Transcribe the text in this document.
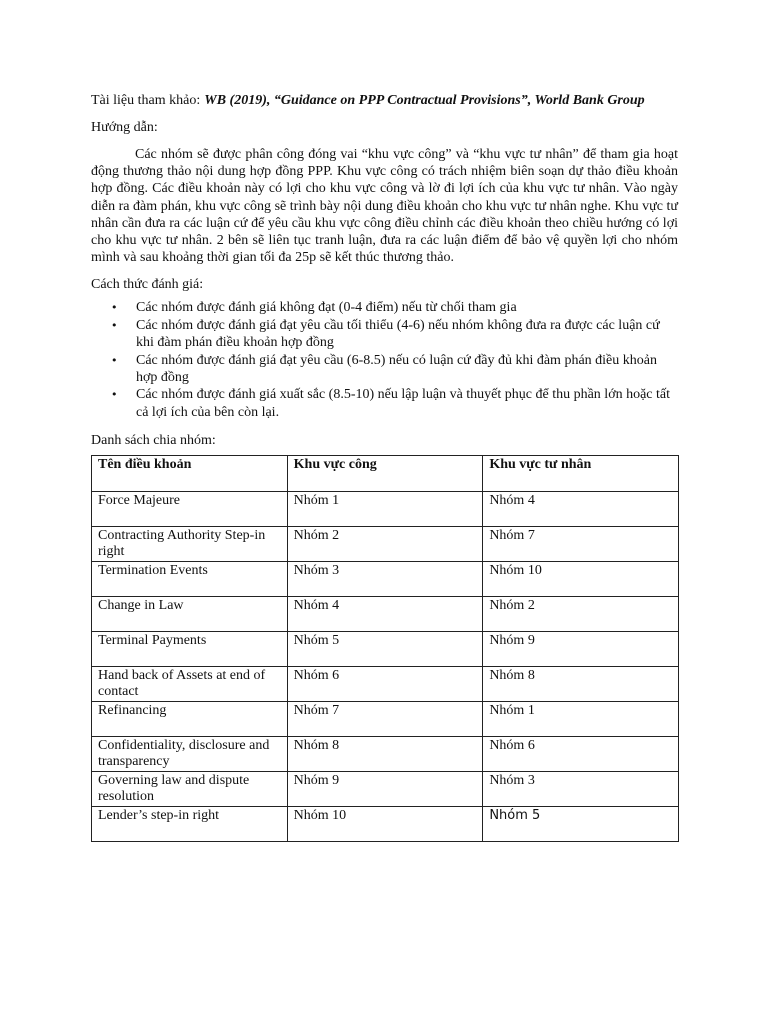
Tài liệu tham khảo: WB (2019), “Guidance on PPP Contractual Provisions”, World Bank Group

Hướng dẫn:

Các nhóm sẽ được phân công đóng vai “khu vực công” và “khu vực tư nhân” để tham gia hoạt động thương thảo nội dung hợp đồng PPP. Khu vực công có trách nhiệm biên soạn dự thảo điều khoản hợp đồng. Các điều khoản này có lợi cho khu vực công và lờ đi lợi ích của khu vực tư nhân. Vào ngày diễn ra đàm phán, khu vực công sẽ trình bày nội dung điều khoản cho khu vực tư nhân nghe. Khu vực tư nhân cần đưa ra các luận cứ để yêu cầu khu vực công điều chỉnh các điều khoản theo chiều hướng có lợi cho khu vực tư nhân. 2 bên sẽ liên tục tranh luận, đưa ra các luận điểm để bảo vệ quyền lợi cho nhóm mình và sau khoảng thời gian tối đa 25p sẽ kết thúc thương thảo.

Cách thức đánh giá:

• Các nhóm được đánh giá không đạt (0-4 điểm) nếu từ chối tham gia
• Các nhóm được đánh giá đạt yêu cầu tối thiểu (4-6) nếu nhóm không đưa ra được các luận cứ khi đàm phán điều khoản hợp đồng
• Các nhóm được đánh giá đạt yêu cầu (6-8.5) nếu có luận cứ đầy đủ khi đàm phán điều khoản hợp đồng
• Các nhóm được đánh giá xuất sắc (8.5-10) nếu lập luận và thuyết phục để thu phần lớn hoặc tất cả lợi ích của bên còn lại.

Danh sách chia nhóm:

Tên điều khoản	Khu vực công	Khu vực tư nhân
Force Majeure	Nhóm 1	Nhóm 4
Contracting Authority Step-in right	Nhóm 2	Nhóm 7
Termination Events	Nhóm 3	Nhóm 10
Change in Law	Nhóm 4	Nhóm 2
Terminal Payments	Nhóm 5	Nhóm 9
Hand back of Assets at end of contact	Nhóm 6	Nhóm 8
Refinancing	Nhóm 7	Nhóm 1
Confidentiality, disclosure and transparency	Nhóm 8	Nhóm 6
Governing law and dispute resolution	Nhóm 9	Nhóm 3
Lender’s step-in right	Nhóm 10	Nhóm 5
